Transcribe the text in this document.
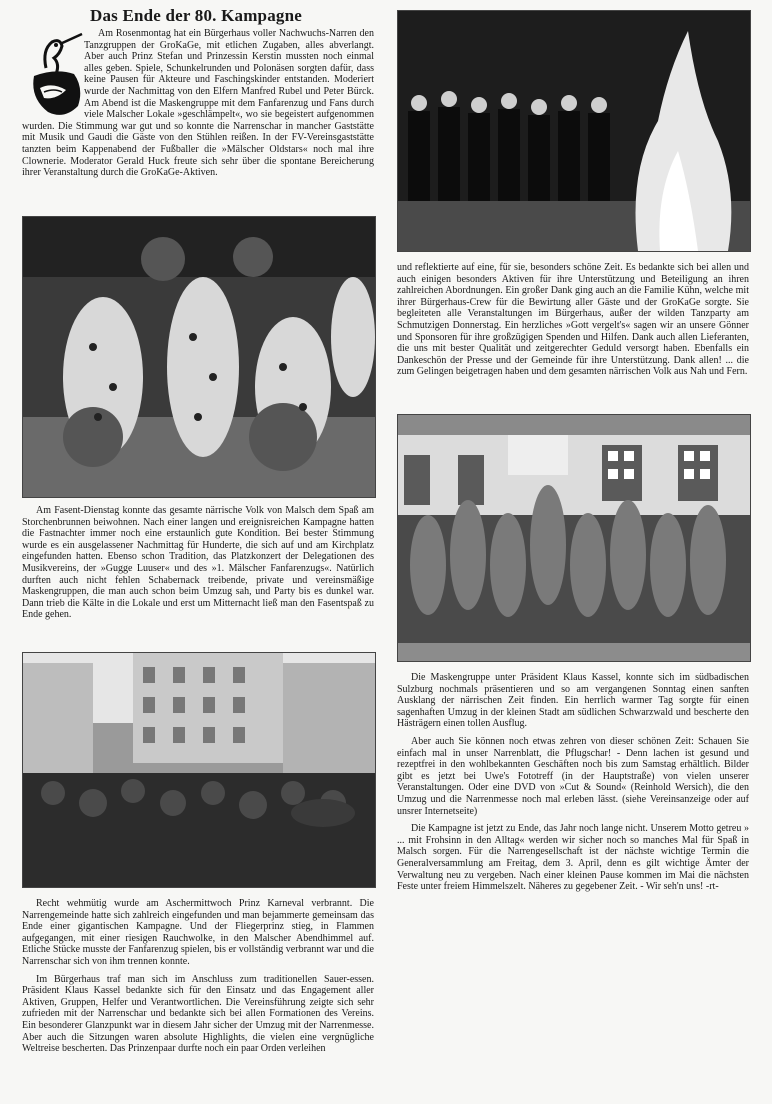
Das Ende der 80. Kampagne

Am Rosenmontag hat ein Bürgerhaus voller Nachwuchs-Narren den Tanzgruppen der GroKaGe, mit etlichen Zugaben, alles abverlangt. Aber auch Prinz Stefan und Prinzessin Kerstin mussten noch einmal alles geben. Spiele, Schunkelrunden und Polonäsen sorgten dafür, dass keine Pausen für Akteure und Faschingskinder entstanden. Moderiert wurde der Nachmittag von den Elfern Manfred Rubel und Peter Bürck. Am Abend ist die Maskengruppe mit dem Fanfarenzug und Fans durch viele Malscher Lokale »geschlämpelt«, wo sie begeistert aufgenommen wurden. Die Stimmung war gut und so konnte die Narrenschar in mancher Gaststätte mit Musik und Gaudi die Gäste von den Stühlen reißen. In der FV-Vereinsgaststätte tanzten beim Kappenabend der Fußballer die »Mälscher Oldstars« noch mal ihre Clownerie. Moderator Gerald Huck freute sich sehr über die spontane Bereicherung ihrer Veranstaltung durch die GroKaGe-Aktiven.

Am Fasent-Dienstag konnte das gesamte närrische Volk von Malsch dem Spaß am Storchenbrunnen beiwohnen. Nach einer langen und ereignisreichen Kampagne hatten die Fastnachter immer noch eine erstaunlich gute Kondition. Bei bester Stimmung wurde es ein ausgelassener Nachmittag für Hunderte, die sich auf und am Kirchplatz eingefunden hatten. Ebenso schon Tradition, das Platzkonzert der Delegationen des Musikvereins, der »Gugge Luuser« und des »1. Mälscher Fanfarenzugs«. Natürlich durften auch nicht fehlen Schabernack treibende, private und vereinsmäßige Maskengruppen, die man auch schon beim Umzug sah, und Party bis es dunkel war. Dann trieb die Kälte in die Lokale und erst um Mitternacht ließ man den Fasentspaß zu Ende gehen.

Recht wehmütig wurde am Aschermittwoch Prinz Karneval verbrannt. Die Narrengemeinde hatte sich zahlreich eingefunden und man bejammerte gemeinsam das Ende einer gigantischen Kampagne. Und der Fliegerprinz stieg, in Flammen aufgegangen, mit einer riesigen Rauchwolke, in den Malscher Abendhimmel auf. Etliche Stücke musste der Fanfarenzug spielen, bis er vollständig verbrannt war und die Narrenschar sich von ihm trennen konnte.

Im Bürgerhaus traf man sich im Anschluss zum traditionellen Sauer-essen. Präsident Klaus Kassel bedankte sich für den Einsatz und das Engagement aller Aktiven, Gruppen, Helfer und Verantwortlichen. Die Vereinsführung zeigte sich sehr zufrieden mit der Narrenschar und bedankte sich bei allen Formationen des Vereins. Ein besonderer Glanzpunkt war in diesem Jahr sicher der Umzug mit der Narrenmesse. Aber auch die Sitzungen waren absolute Highlights, die vielen eine vergnügliche Weltreise bescherten. Das Prinzenpaar durfte noch ein paar Orden verleihen

und reflektierte auf eine, für sie, besonders schöne Zeit. Es bedankte sich bei allen und auch einigen besonders Aktiven für ihre Unterstützung und Beteiligung an ihren zahlreichen Abordnungen. Ein großer Dank ging auch an die Familie Kühn, welche mit ihrer Bürgerhaus-Crew für die Bewirtung aller Gäste und der GroKaGe sorgte. Sie begleiteten alle Veranstaltungen im Bürgerhaus, außer der wilden Tanzparty am Schmutzigen Donnerstag. Ein herzliches »Gott vergelt's« sagen wir an unsere Gönner und Sponsoren für ihre großzügigen Spenden und Hilfen. Dank auch allen Lieferanten, die uns mit bester Qualität und zeitgerechter Geduld versorgt haben. Ebenfalls ein Dankeschön der Presse und der Gemeinde für ihre Unterstützung. Dank allen! ... die zum Gelingen beigetragen haben und dem gesamten närrischen Volk aus Nah und Fern.

Die Maskengruppe unter Präsident Klaus Kassel, konnte sich im südbadischen Sulzburg nochmals präsentieren und so am vergangenen Sonntag einen sanften Ausklang der närrischen Zeit finden. Ein herrlich warmer Tag sorgte für einen sagenhaften Umzug in der kleinen Stadt am südlichen Schwarzwald und bescherte den Hästrägern einen tollen Ausflug.

Aber auch Sie können noch etwas zehren von dieser schönen Zeit: Schauen Sie einfach mal in unser Narrenblatt, die Pflugschar! - Denn lachen ist gesund und rezeptfrei in den wohlbekannten Geschäften noch bis zum Samstag erhältlich. Bilder gibt es jetzt bei Uwe's Fototreff (in der Hauptstraße) von vielen unserer Veranstaltungen. Oder eine DVD von »Cut & Sound« (Reinhold Wersich), die den Umzug und die Narrenmesse noch mal erleben lässt. (siehe Vereinsanzeige oder auf unsrer Internetseite)

Die Kampagne ist jetzt zu Ende, das Jahr noch lange nicht. Unserem Motto getreu » ... mit Frohsinn in den Alltag« werden wir sicher noch so manches Mal für Spaß in Malsch sorgen. Für die Narrengesellschaft ist der nächste wichtige Termin die Generalversammlung am Freitag, dem 3. April, denn es gilt wichtige Ämter der Verwaltung neu zu vergeben. Nach einer kleinen Pause kommen im Mai die nächsten Feste unter freiem Himmelszelt. Näheres zu gegebener Zeit. - Wir seh'n uns! -rt-
